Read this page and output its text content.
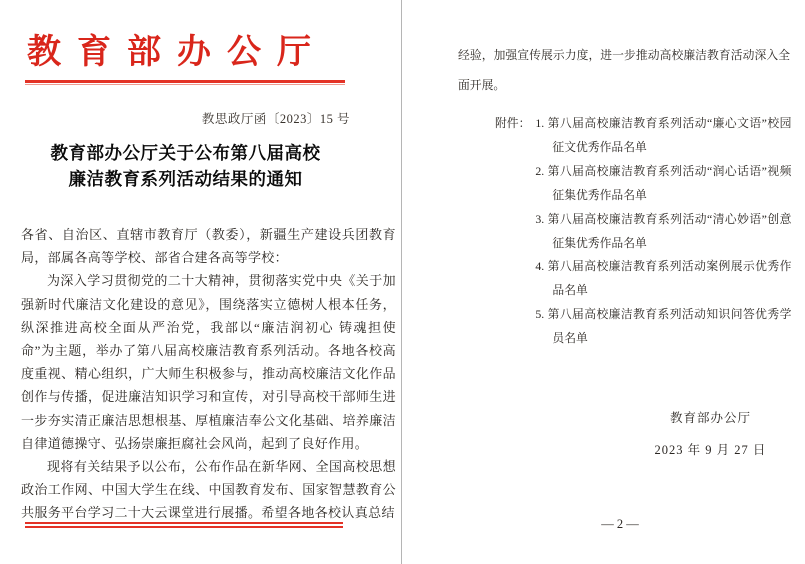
教育部办公厅
教思政厅函〔2023〕15 号
教育部办公厅关于公布第八届高校
廉洁教育系列活动结果的通知

各省、自治区、直辖市教育厅（教委），新疆生产建设兵团教育局，部属各高等学校、部省合建各高等学校：

为深入学习贯彻党的二十大精神，贯彻落实党中央《关于加强新时代廉洁文化建设的意见》，围绕落实立德树人根本任务，纵深推进高校全面从严治党，我部以“廉洁润初心 铸魂担使命”为主题，举办了第八届高校廉洁教育系列活动。各地各校高度重视、精心组织，广大师生积极参与，推动高校廉洁文化作品创作与传播，促进廉洁知识学习和宣传，对引导高校干部师生进一步夯实清正廉洁思想根基、厚植廉洁奉公文化基础、培养廉洁自律道德操守、弘扬崇廉拒腐社会风尚，起到了良好作用。

现将有关结果予以公布，公布作品在新华网、全国高校思想政治工作网、中国大学生在线、中国教育发布、国家智慧教育公共服务平台学习二十大云课堂进行展播。希望各地各校认真总结

经验，加强宣传展示力度，进一步推动高校廉洁教育活动深入全面开展。

附件： 1. 第八届高校廉洁教育系列活动“廉心文语”校园征文优秀作品名单
2. 第八届高校廉洁教育系列活动“润心话语”视频征集优秀作品名单
3. 第八届高校廉洁教育系列活动“清心妙语”创意征集优秀作品名单
4. 第八届高校廉洁教育系列活动案例展示优秀作品名单
5. 第八届高校廉洁教育系列活动知识问答优秀学员名单
教育部办公厅
2023 年 9 月 27 日
— 2 —
